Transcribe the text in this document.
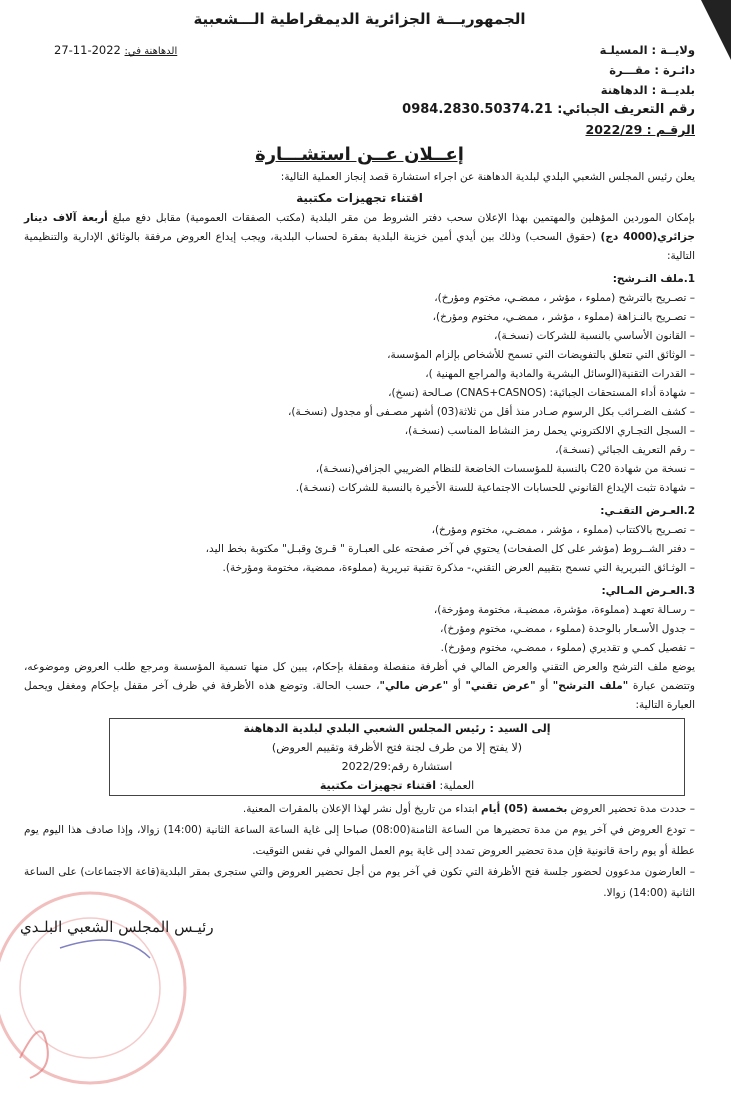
الجمهوريـــة الجزائرية الديمقراطية الـــشعبية
الدهاهنة في: 2022-11-27	ولايــة : المسيلـة
دائـرة : مقـــرة
بلديــة : الدهاهنة
رقم التعريف الجبائي: 0984.2830.50374.21
الرقـم : 2022/29
إعــلان عــن استشـــارة
يعلن رئيس المجلس الشعبي البلدي لبلدية الدهاهنة عن اجراء استشارة قصد إنجاز العملية التالية:
اقتناء تجهيزات مكتبية
بإمكان الموردين المؤهلين والمهتمين بهذا الإعلان سحب دفتر الشروط من مقر البلدية (مكتب الصفقات العمومية) مقابل دفع مبلغ أربعة آلاف دينار جزائري(4000 دج) (حقوق السحب) وذلك بين أيدي أمين خزينة البلدية بمقرة لحساب البلدية، ويجب إيداع العروض مرفقة بالوثائق الإدارية والتنظيمية التالية:
1.ملف التـرشح:
– تصـريح بالترشح (مملوء ، مؤشر ، ممضـي، مختوم ومؤرخ)،
– تصـريح بالنـزاهة (مملوء ، مؤشر ، ممضـي، مختوم ومؤرخ)،
– القانون الأساسي بالنسبة للشركات (نسخـة)،
– الوثائق التي تتعلق بالتفويضات التي تسمح للأشخاص بإلزام المؤسسة،
– القدرات التقنية(الوسائل البشرية والمادية والمراجع المهنية )،
– شهادة أداء المستحقات الجبائية: (CNAS+CASNOS) صـالحة (نسخ)،
– كشف الضـرائب بكل الرسوم صـادر منذ أقل من ثلاثة(03) أشهر مصـفى أو مجدول (نسخـة)،
– السجل التجـاري الالكتروني يحمل رمز النشاط المناسب (نسخـة)،
– رقم التعريف الجبائي (نسخـة)،
– نسخة من شهادة C20 بالنسبة للمؤسسات الخاضعة للنظام الضريبي الجزافي(نسخـة)،
– شهادة تثبت الإيداع القانوني للحسابات الاجتماعية للسنة الأخيرة بالنسبة للشركات (نسخـة).
2.العـرض التقنـي:
– تصـريح بالاكتتاب (مملوء ، مؤشر ، ممضـي، مختوم ومؤرخ)،
– دفتر الشــروط (مؤشر على كل الصفحات) يحتوي في آخر صفحته على العبـارة " قـرئ وقبـل" مكتوبة بخط اليد،
– الوثـائق التبريرية التي تسمح بتقييم العرض التقني،- مذكرة تقنية تبريرية (مملوءة، ممضية، مختومة ومؤرخة).
3.العـرض المـالي:
– رسـالة تعهـد (مملوءة، مؤشرة، ممضيـة، مختومة ومؤرخة)،
– جدول الأسـعار بالوحدة (مملوء ، ممضـي، مختوم ومؤرخ)،
– تفصيل كمـي و تقديري (مملوء ، ممضـي، مختوم ومؤرخ).
يوضع ملف الترشح والعرض التقني والعرض المالي في أظرفة منفصلة ومقفلة بإحكام، يبين كل منها تسمية المؤسسة ومرجع طلب العروض وموضوعه، وتتضمن عبارة "ملف الترشح" أو "عرض تقني" أو "عرض مالي"، حسب الحالة. وتوضع هذه الأظرفة في ظرف آخر مقفل بإحكام ومغفل ويحمل العبارة التالية:
إلى السيد : رئيس المجلس الشعبي البلدي لبلدية الدهاهنة
(لا يفتح إلا من طرف لجنة فتح الأظرفة وتقييم العروض)
استشارة رقم:2022/29
العملية: اقتناء تجهيزات مكتبية
– حددت مدة تحضير العروض بخمسة (05) أيام ابتداء من تاريخ أول نشر لهذا الإعلان بالمقرات المعنية.
– تودع العروض في آخر يوم من مدة تحضيرها من الساعة الثامنة(08:00) صباحا إلى غاية الساعة الساعة الثانية (14:00) زوالا، وإذا صادف هذا اليوم يوم عطلة أو يوم راحة قانونية فإن مدة تحضير العروض تمدد إلى غاية يوم العمل الموالي في نفس التوقيت.
– العارضون مدعوون لحضور جلسة فتح الأظرفة التي تكون في آخر يوم من أجل تحضير العروض والتي ستجرى بمقر البلدية(قاعة الاجتماعات) على الساعة الثانية (14:00) زوالا.
رئيـس المجلس الشعبي البلـدي
